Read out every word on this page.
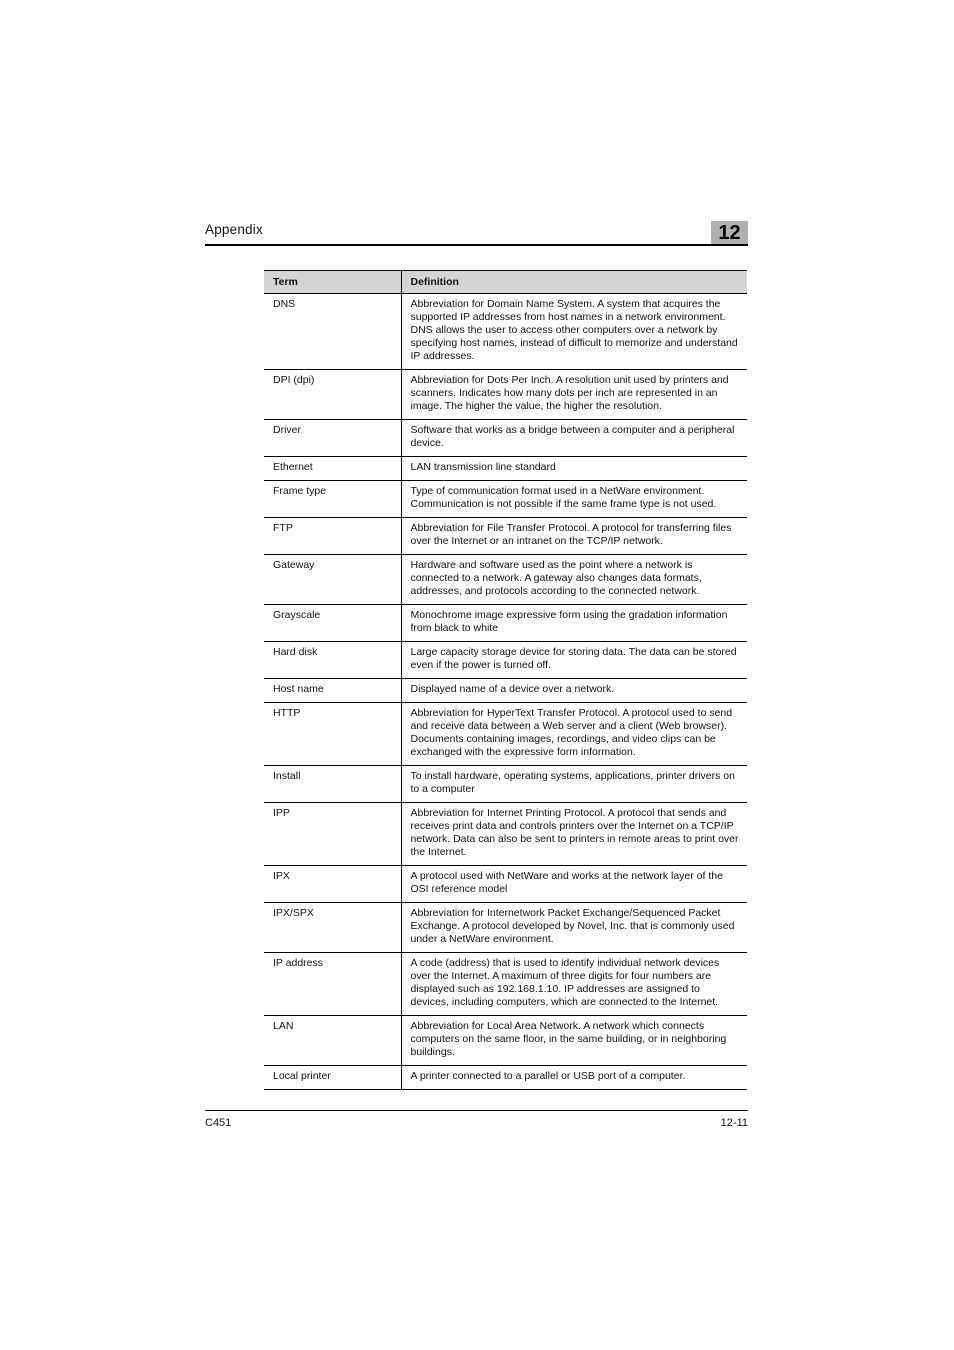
Appendix	12
Term	Definition
DNS	Abbreviation for Domain Name System. A system that acquires the supported IP addresses from host names in a network environment. DNS allows the user to access other computers over a network by specifying host names, instead of difficult to memorize and understand IP addresses.
DPI (dpi)	Abbreviation for Dots Per Inch. A resolution unit used by printers and scanners. Indicates how many dots per inch are represented in an image. The higher the value, the higher the resolution.
Driver	Software that works as a bridge between a computer and a peripheral device.
Ethernet	LAN transmission line standard
Frame type	Type of communication format used in a NetWare environment. Communication is not possible if the same frame type is not used.
FTP	Abbreviation for File Transfer Protocol. A protocol for transferring files over the Internet or an intranet on the TCP/IP network.
Gateway	Hardware and software used as the point where a network is connected to a network. A gateway also changes data formats, addresses, and protocols according to the connected network.
Grayscale	Monochrome image expressive form using the gradation information from black to white
Hard disk	Large capacity storage device for storing data. The data can be stored even if the power is turned off.
Host name	Displayed name of a device over a network.
HTTP	Abbreviation for HyperText Transfer Protocol. A protocol used to send and receive data between a Web server and a client (Web browser). Documents containing images, recordings, and video clips can be exchanged with the expressive form information.
Install	To install hardware, operating systems, applications, printer drivers on to a computer
IPP	Abbreviation for Internet Printing Protocol. A protocol that sends and receives print data and controls printers over the Internet on a TCP/IP network. Data can also be sent to printers in remote areas to print over the Internet.
IPX	A protocol used with NetWare and works at the network layer of the OSI reference model
IPX/SPX	Abbreviation for Internetwork Packet Exchange/Sequenced Packet Exchange. A protocol developed by Novel, Inc. that is commonly used under a NetWare environment.
IP address	A code (address) that is used to identify individual network devices over the Internet. A maximum of three digits for four numbers are displayed such as 192.168.1.10. IP addresses are assigned to devices, including computers, which are connected to the Internet.
LAN	Abbreviation for Local Area Network. A network which connects computers on the same floor, in the same building, or in neighboring buildings.
Local printer	A printer connected to a parallel or USB port of a computer.
C451	12-11
